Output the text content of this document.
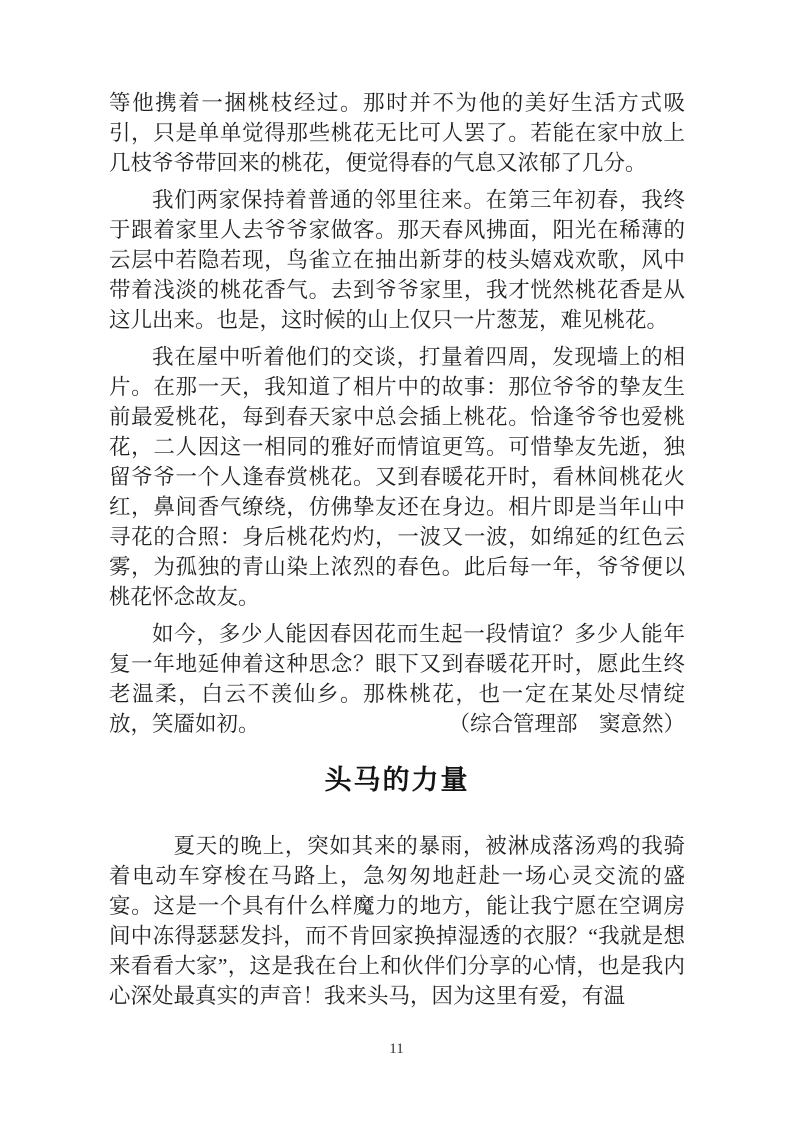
等他携着一捆桃枝经过。那时并不为他的美好生活方式吸引，只是单单觉得那些桃花无比可人罢了。若能在家中放上几枝爷爷带回来的桃花，便觉得春的气息又浓郁了几分。

我们两家保持着普通的邻里往来。在第三年初春，我终于跟着家里人去爷爷家做客。那天春风拂面，阳光在稀薄的云层中若隐若现，鸟雀立在抽出新芽的枝头嬉戏欢歌，风中带着浅淡的桃花香气。去到爷爷家里，我才恍然桃花香是从这儿出来。也是，这时候的山上仅只一片葱茏，难见桃花。

我在屋中听着他们的交谈，打量着四周，发现墙上的相片。在那一天，我知道了相片中的故事：那位爷爷的挚友生前最爱桃花，每到春天家中总会插上桃花。恰逢爷爷也爱桃花，二人因这一相同的雅好而情谊更笃。可惜挚友先逝，独留爷爷一个人逢春赏桃花。又到春暖花开时，看林间桃花火红，鼻间香气缭绕，仿佛挚友还在身边。相片即是当年山中寻花的合照：身后桃花灼灼，一波又一波，如绵延的红色云雾，为孤独的青山染上浓烈的春色。此后每一年，爷爷便以桃花怀念故友。

如今，多少人能因春因花而生起一段情谊？多少人能年复一年地延伸着这种思念？眼下又到春暖花开时，愿此生终老温柔，白云不羡仙乡。那株桃花，也一定在某处尽情绽放，笑靥如初。	（综合管理部　窦意然）

头马的力量

夏天的晚上，突如其来的暴雨，被淋成落汤鸡的我骑着电动车穿梭在马路上，急匆匆地赶赴一场心灵交流的盛宴。这是一个具有什么样魔力的地方，能让我宁愿在空调房间中冻得瑟瑟发抖，而不肯回家换掉湿透的衣服？“我就是想来看看大家”，这是我在台上和伙伴们分享的心情，也是我内心深处最真实的声音！我来头马，因为这里有爱，有温

11
